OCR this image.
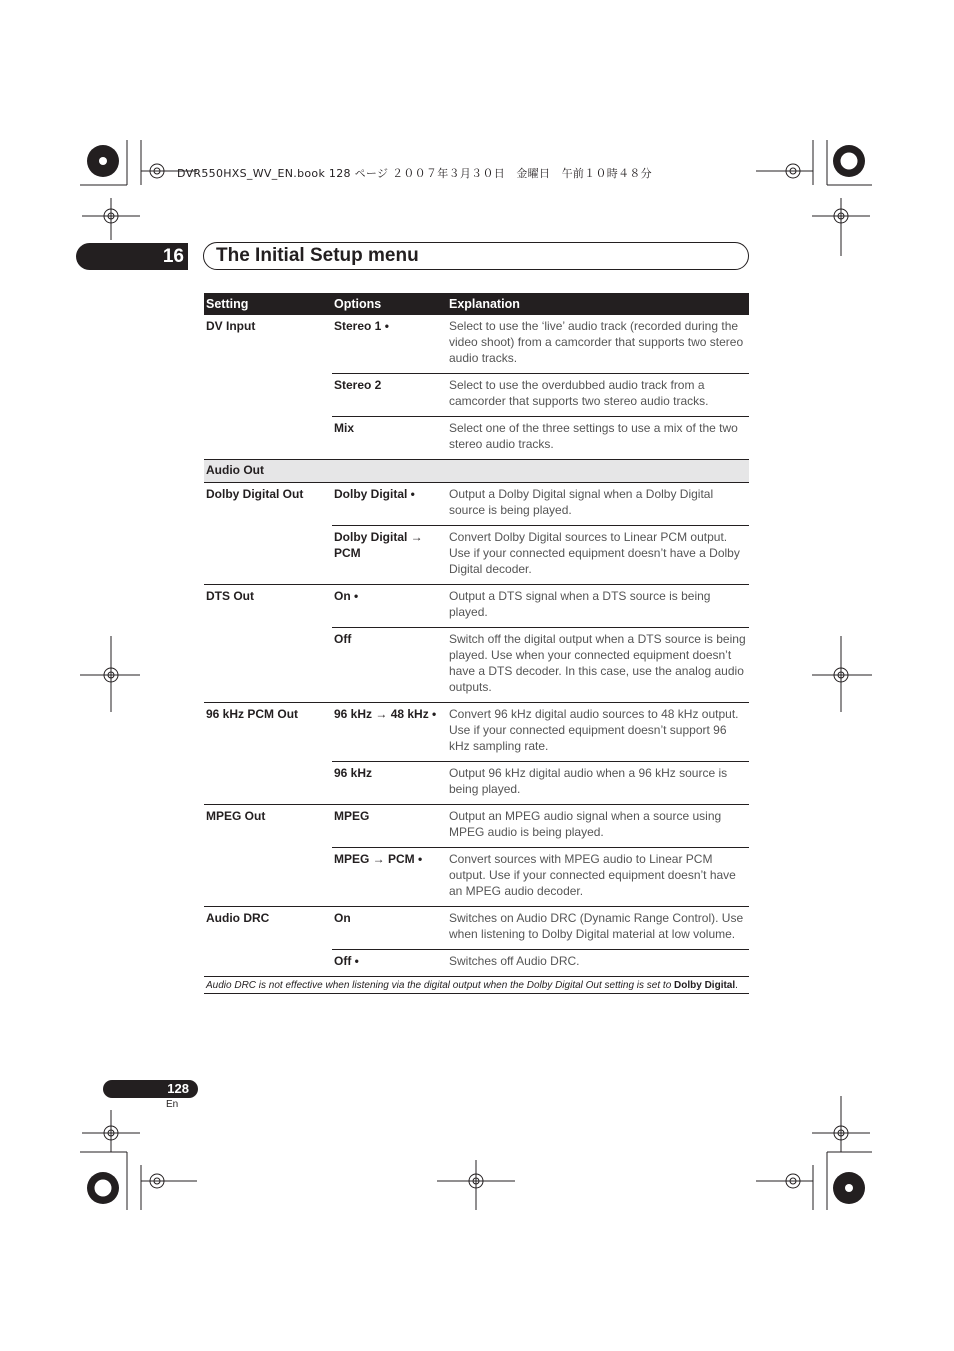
DVR550HXS_WV_EN.book 128 ページ ２００７年３月３０日　金曜日　午前１０時４８分
16 The Initial Setup menu
Setting	Options	Explanation
DV Input	Stereo 1 •	Select to use the ‘live’ audio track (recorded during the video shoot) from a camcorder that supports two stereo audio tracks.
	Stereo 2	Select to use the overdubbed audio track from a camcorder that supports two stereo audio tracks.
	Mix	Select one of the three settings to use a mix of the two stereo audio tracks.
Audio Out		
Dolby Digital Out	Dolby Digital •	Output a Dolby Digital signal when a Dolby Digital source is being played.
	Dolby Digital → PCM	Convert Dolby Digital sources to Linear PCM output. Use if your connected equipment doesn’t have a Dolby Digital decoder.
DTS Out	On •	Output a DTS signal when a DTS source is being played.
	Off	Switch off the digital output when a DTS source is being played. Use when your connected equipment doesn’t have a DTS decoder. In this case, use the analog audio outputs.
96 kHz PCM Out	96 kHz → 48 kHz •	Convert 96 kHz digital audio sources to 48 kHz output. Use if your connected equipment doesn’t support 96 kHz sampling rate.
	96 kHz	Output 96 kHz digital audio when a 96 kHz source is being played.
MPEG Out	MPEG	Output an MPEG audio signal when a source using MPEG audio is being played.
	MPEG → PCM •	Convert sources with MPEG audio to Linear PCM output. Use if your connected equipment doesn’t have an MPEG audio decoder.
Audio DRC	On	Switches on Audio DRC (Dynamic Range Control). Use when listening to Dolby Digital material at low volume.
	Off •	Switches off Audio DRC.
Audio DRC is not effective when listening via the digital output when the Dolby Digital Out setting is set to Dolby Digital.		
128
En
